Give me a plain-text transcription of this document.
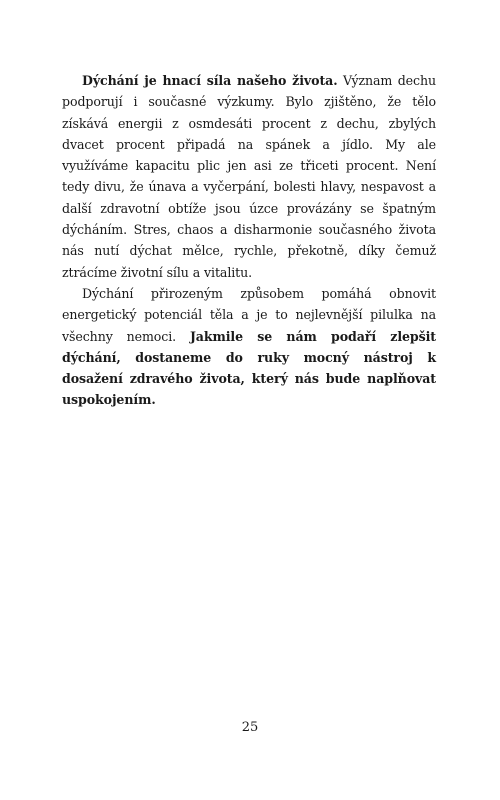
Dýchání je hnací síla našeho života. Význam dechu podporují i současné výzkumy. Bylo zjištěno, že tělo získává energii z osmdesáti procent z dechu, zbylých dvacet procent připadá na spánek a jídlo. My ale využíváme kapacitu plic jen asi ze třiceti procent. Není tedy divu, že únava a vyčerpání, bolesti hlavy, nespavost a další zdravotní obtíže jsou úzce provázány se špatným dýcháním. Stres, chaos a disharmonie současného života nás nutí dýchat mělce, rychle, překotně, díky čemuž ztrácíme životní sílu a vitalitu.

Dýchání přirozeným způsobem pomáhá obnovit energetický potenciál těla a je to nejlevnější pilulka na všechny nemoci. Jakmile se nám podaří zlepšit dýchání, dostaneme do ruky mocný nástroj k dosažení zdravého života, který nás bude naplňovat uspokojením.

25
